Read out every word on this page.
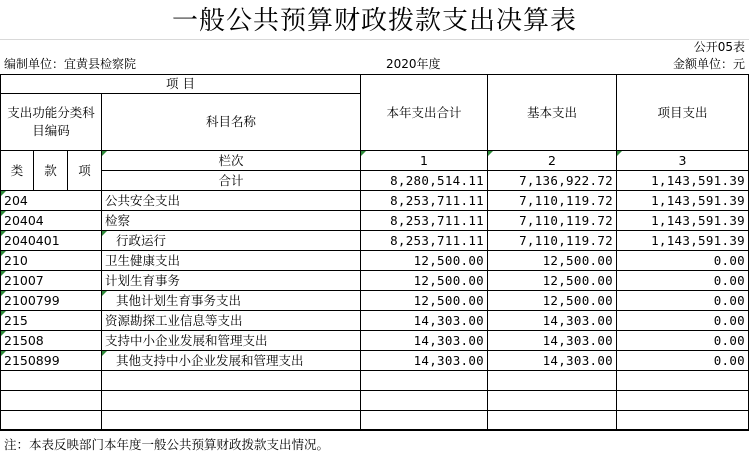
一般公共预算财政拨款支出决算表
公开05表
编制单位：宜黄县检察院	2020年度	金额单位：元
项 目				本年支出合计	基本支出	项目支出
支出功能分类科目编码			科目名称			

类	款	项	栏次	1	2	3
			合计	8,280,514.11	7,136,922.72	1,143,591.39
204			公共安全支出	8,253,711.11	7,110,119.72	1,143,591.39
20404			检察	8,253,711.11	7,110,119.72	1,143,591.39
2040401			行政运行	8,253,711.11	7,110,119.72	1,143,591.39
210			卫生健康支出	12,500.00	12,500.00	0.00
21007			计划生育事务	12,500.00	12,500.00	0.00
2100799			其他计划生育事务支出	12,500.00	12,500.00	0.00
215			资源勘探工业信息等支出	14,303.00	14,303.00	0.00
21508			支持中小企业发展和管理支出	14,303.00	14,303.00	0.00
2150899			其他支持中小企业发展和管理支出	14,303.00	14,303.00	0.00

注：本表反映部门本年度一般公共预算财政拨款支出情况。
